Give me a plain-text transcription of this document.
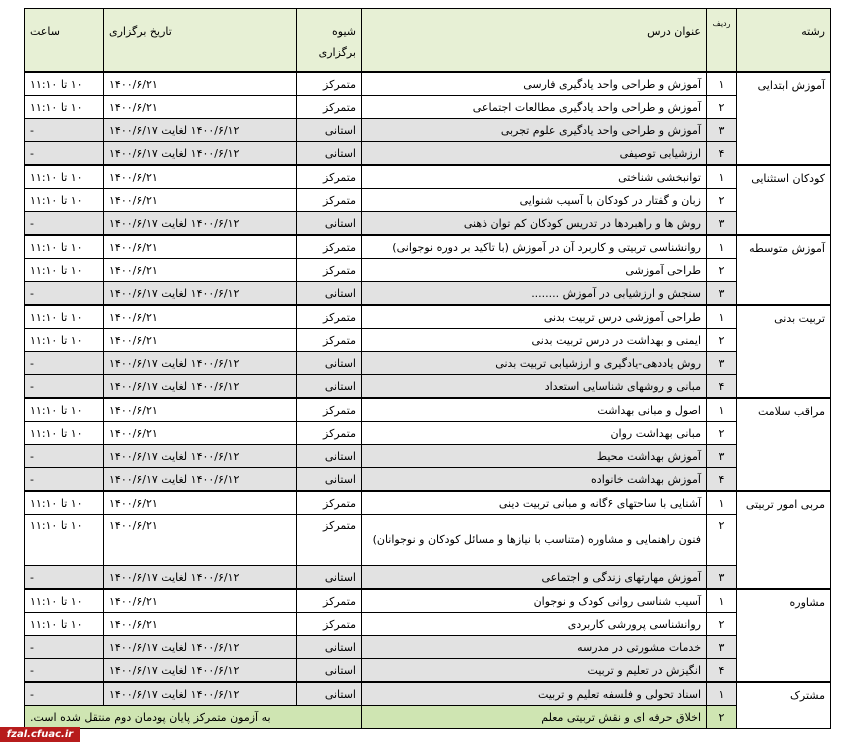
رشته	ردیف	عنوان درس	شیوه برگزاری	تاریخ برگزاری	ساعت
آموزش ابتدایی	۱	آموزش و طراحی واحد یادگیری فارسی	متمرکز	۱۴۰۰/۶/۲۱	۱۰ تا ۱۱:۱۰
	۲	آموزش و طراحی واحد یادگیری مطالعات اجتماعی	متمرکز	۱۴۰۰/۶/۲۱	۱۰ تا ۱۱:۱۰
	۳	آموزش و طراحی واحد یادگیری علوم تجربی	استانی	۱۴۰۰/۶/۱۲ لغایت ۱۴۰۰/۶/۱۷	-
	۴	ارزشیابی توصیفی	استانی	۱۴۰۰/۶/۱۲ لغایت ۱۴۰۰/۶/۱۷	-
کودکان استثنایی	۱	توانبخشی شناختی	متمرکز	۱۴۰۰/۶/۲۱	۱۰ تا ۱۱:۱۰
	۲	زبان و گفتار در کودکان با آسیب شنوایی	متمرکز	۱۴۰۰/۶/۲۱	۱۰ تا ۱۱:۱۰
	۳	روش ها و راهبردها در تدریس کودکان کم توان ذهنی	استانی	۱۴۰۰/۶/۱۲ لغایت ۱۴۰۰/۶/۱۷	-
آموزش متوسطه	۱	روانشناسی تربیتی و کاربرد آن در آموزش (با تاکید بر دوره نوجوانی)	متمرکز	۱۴۰۰/۶/۲۱	۱۰ تا ۱۱:۱۰
	۲	طراحی آموزشی	متمرکز	۱۴۰۰/۶/۲۱	۱۰ تا ۱۱:۱۰
	۳	سنجش و ارزشیابی در آموزش ........	استانی	۱۴۰۰/۶/۱۲ لغایت ۱۴۰۰/۶/۱۷	-
تربیت بدنی	۱	طراحی آموزشی درس تربیت بدنی	متمرکز	۱۴۰۰/۶/۲۱	۱۰ تا ۱۱:۱۰
	۲	ایمنی و بهداشت در درس تربیت بدنی	متمرکز	۱۴۰۰/۶/۲۱	۱۰ تا ۱۱:۱۰
	۳	روش یاددهی-یادگیری و ارزشیابی تربیت بدنی	استانی	۱۴۰۰/۶/۱۲ لغایت ۱۴۰۰/۶/۱۷	-
	۴	مبانی و روشهای شناسایی استعداد	استانی	۱۴۰۰/۶/۱۲ لغایت ۱۴۰۰/۶/۱۷	-
مراقب سلامت	۱	اصول و مبانی بهداشت	متمرکز	۱۴۰۰/۶/۲۱	۱۰ تا ۱۱:۱۰
	۲	مبانی بهداشت روان	متمرکز	۱۴۰۰/۶/۲۱	۱۰ تا ۱۱:۱۰
	۳	آموزش بهداشت محیط	استانی	۱۴۰۰/۶/۱۲ لغایت ۱۴۰۰/۶/۱۷	-
	۴	آموزش بهداشت خانواده	استانی	۱۴۰۰/۶/۱۲ لغایت ۱۴۰۰/۶/۱۷	-
مربی امور تربیتی	۱	آشنایی با ساحتهای ۶گانه و مبانی تربیت دینی	متمرکز	۱۴۰۰/۶/۲۱	۱۰ تا ۱۱:۱۰
	۲	فنون راهنمایی و مشاوره (متناسب با نیازها و مسائل کودکان و نوجوانان)	متمرکز	۱۴۰۰/۶/۲۱	۱۰ تا ۱۱:۱۰
	۳	آموزش مهارتهای زندگی و اجتماعی	استانی	۱۴۰۰/۶/۱۲ لغایت ۱۴۰۰/۶/۱۷	-
مشاوره	۱	آسیب شناسی روانی کودک و نوجوان	متمرکز	۱۴۰۰/۶/۲۱	۱۰ تا ۱۱:۱۰
	۲	روانشناسی پرورشی کاربردی	متمرکز	۱۴۰۰/۶/۲۱	۱۰ تا ۱۱:۱۰
	۳	خدمات مشورتی در مدرسه	استانی	۱۴۰۰/۶/۱۲ لغایت ۱۴۰۰/۶/۱۷	-
	۴	انگیزش در تعلیم و تربیت	استانی	۱۴۰۰/۶/۱۲ لغایت ۱۴۰۰/۶/۱۷	-
مشترک	۱	اسناد تحولی و فلسفه تعلیم و تربیت	استانی	۱۴۰۰/۶/۱۲ لغایت ۱۴۰۰/۶/۱۷	-
	۲	اخلاق حرفه ای و نقش تربیتی معلم	به آزمون متمرکز پایان پودمان دوم منتقل شده است.		
fzal.cfuac.ir
